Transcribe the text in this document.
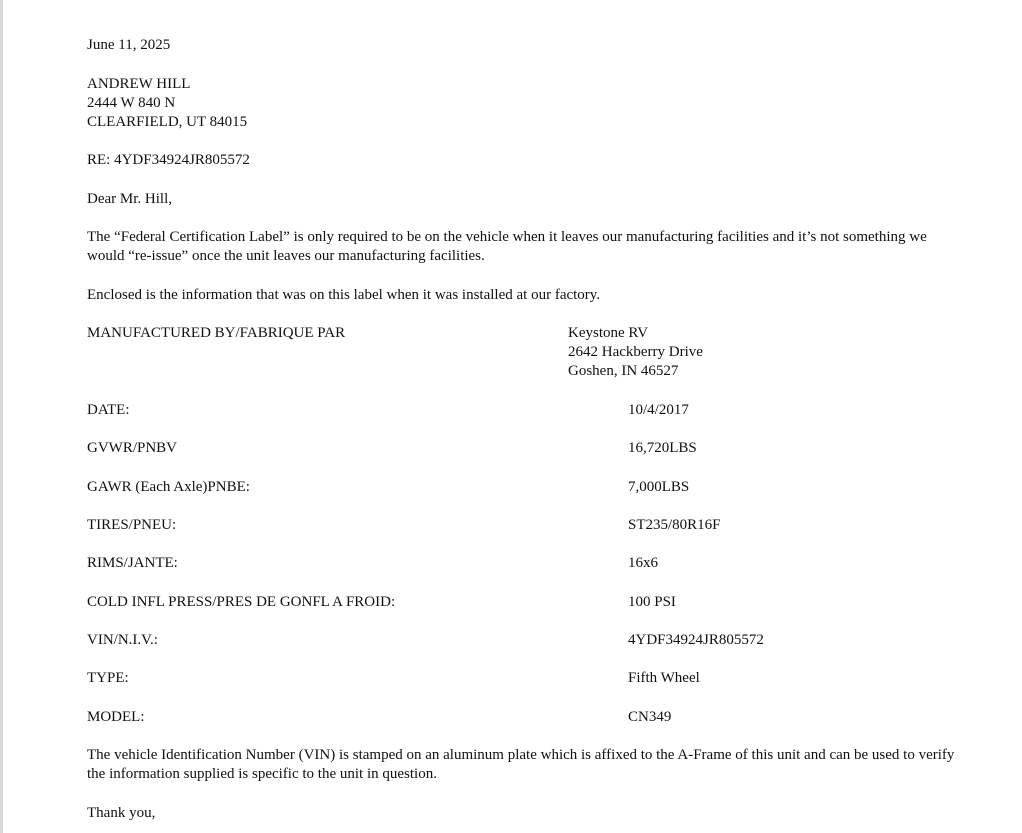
June 11, 2025
ANDREW HILL
2444 W 840 N
CLEARFIELD, UT 84015
RE: 4YDF34924JR805572
Dear Mr. Hill,
The “Federal Certification Label” is only required to be on the vehicle when it leaves our manufacturing facilities and it’s not something we would “re-issue” once the unit leaves our manufacturing facilities.
Enclosed is the information that was on this label when it was installed at our factory.
MANUFACTURED BY/FABRIQUE PAR	Keystone RV
2642 Hackberry Drive
Goshen, IN 46527
DATE:	10/4/2017
GVWR/PNBV	16,720LBS
GAWR (Each Axle)PNBE:	7,000LBS
TIRES/PNEU:	ST235/80R16F
RIMS/JANTE:	16x6
COLD INFL PRESS/PRES DE GONFL A FROID:	100 PSI
VIN/N.I.V.:	4YDF34924JR805572
TYPE:	Fifth Wheel
MODEL:	CN349
The vehicle Identification Number (VIN) is stamped on an aluminum plate which is affixed to the A-Frame of this unit and can be used to verify the information supplied is specific to the unit in question.
Thank you,
